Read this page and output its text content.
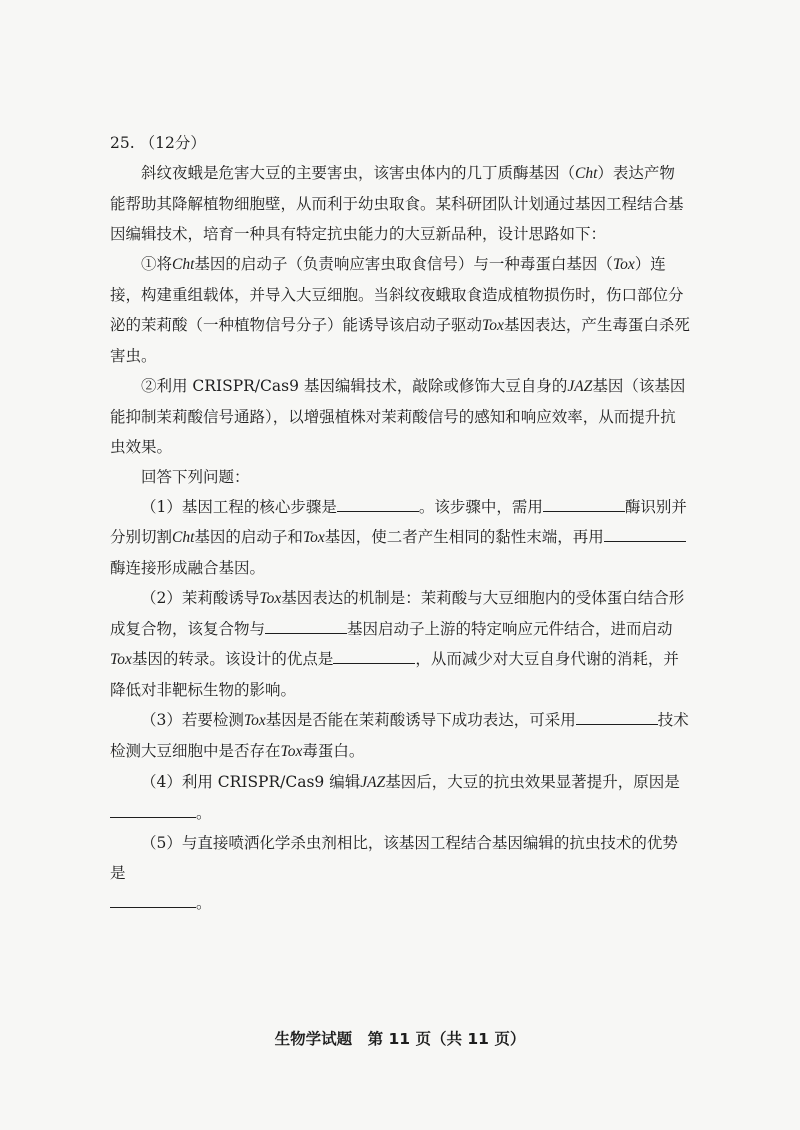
25. （12分）

斜纹夜蛾是危害大豆的主要害虫，该害虫体内的几丁质酶基因（Cht）表达产物能帮助其降解植物细胞壁，从而利于幼虫取食。某科研团队计划通过基因工程结合基因编辑技术，培育一种具有特定抗虫能力的大豆新品种，设计思路如下：

①将Cht基因的启动子（负责响应害虫取食信号）与一种毒蛋白基因（Tox）连接，构建重组载体，并导入大豆细胞。当斜纹夜蛾取食造成植物损伤时，伤口部位分泌的茉莉酸（一种植物信号分子）能诱导该启动子驱动Tox基因表达，产生毒蛋白杀死害虫。

②利用 CRISPR/Cas9 基因编辑技术，敲除或修饰大豆自身的JAZ基因（该基因能抑制茉莉酸信号通路），以增强植株对茉莉酸信号的感知和响应效率，从而提升抗虫效果。

回答下列问题：

（1）基因工程的核心步骤是	。该步骤中，需用	酶识别并分别切割Cht基因的启动子和Tox基因，使二者产生相同的黏性末端，再用酶连接形成融合基因。

（2）茉莉酸诱导Tox基因表达的机制是：茉莉酸与大豆细胞内的受体蛋白结合形成复合物，该复合物与	基因启动子上游的特定响应元件结合，进而启动Tox基因的转录。该设计的优点是	，从而减少对大豆自身代谢的消耗，并降低对非靶标生物的影响。

（3）若要检测Tox基因是否能在茉莉酸诱导下成功表达，可采用	技术检测大豆细胞中是否存在Tox毒蛋白。

（4）利用 CRISPR/Cas9 编辑JAZ基因后，大豆的抗虫效果显著提升，原因是

。

（5）与直接喷洒化学杀虫剂相比，该基因工程结合基因编辑的抗虫技术的优势是

。

生物学试题　第 11 页（共 11 页）
